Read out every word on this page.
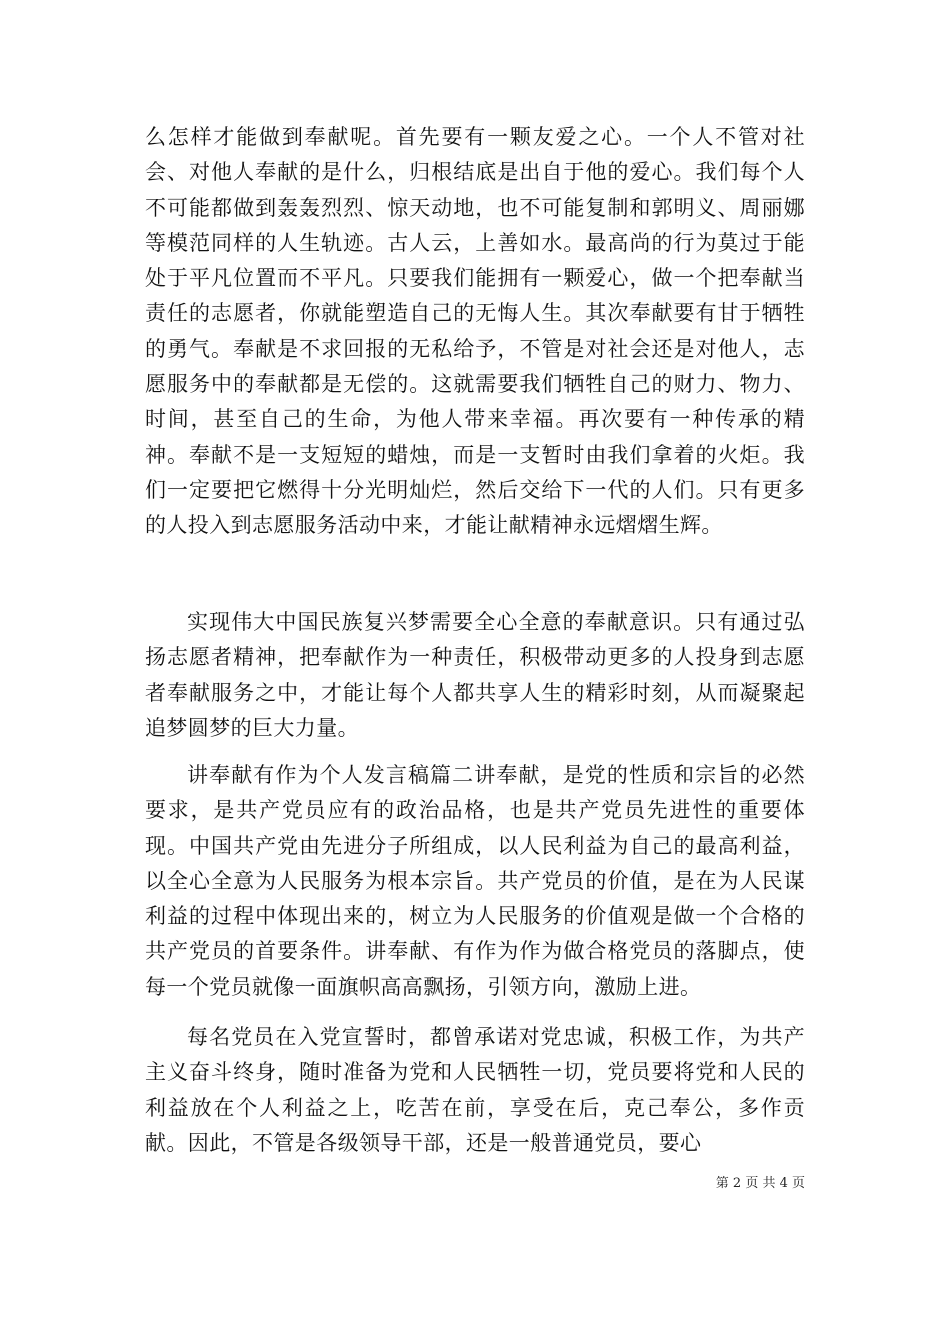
么怎样才能做到奉献呢。首先要有一颗友爱之心。一个人不管对社会、对他人奉献的是什么，归根结底是出自于他的爱心。我们每个人不可能都做到轰轰烈烈、惊天动地，也不可能复制和郭明义、周丽娜等模范同样的人生轨迹。古人云，上善如水。最高尚的行为莫过于能处于平凡位置而不平凡。只要我们能拥有一颗爱心，做一个把奉献当责任的志愿者，你就能塑造自己的无悔人生。其次奉献要有甘于牺牲的勇气。奉献是不求回报的无私给予，不管是对社会还是对他人，志愿服务中的奉献都是无偿的。这就需要我们牺牲自己的财力、物力、时间，甚至自己的生命，为他人带来幸福。再次要有一种传承的精神。奉献不是一支短短的蜡烛，而是一支暂时由我们拿着的火炬。我们一定要把它燃得十分光明灿烂，然后交给下一代的人们。只有更多的人投入到志愿服务活动中来，才能让献精神永远熠熠生辉。

实现伟大中国民族复兴梦需要全心全意的奉献意识。只有通过弘扬志愿者精神，把奉献作为一种责任，积极带动更多的人投身到志愿者奉献服务之中，才能让每个人都共享人生的精彩时刻，从而凝聚起追梦圆梦的巨大力量。

讲奉献有作为个人发言稿篇二讲奉献，是党的性质和宗旨的必然要求，是共产党员应有的政治品格，也是共产党员先进性的重要体现。中国共产党由先进分子所组成，以人民利益为自己的最高利益，以全心全意为人民服务为根本宗旨。共产党员的价值，是在为人民谋利益的过程中体现出来的，树立为人民服务的价值观是做一个合格的共产党员的首要条件。讲奉献、有作为作为做合格党员的落脚点，使每一个党员就像一面旗帜高高飘扬，引领方向，激励上进。

每名党员在入党宣誓时，都曾承诺对党忠诚，积极工作，为共产主义奋斗终身，随时准备为党和人民牺牲一切，党员要将党和人民的利益放在个人利益之上，吃苦在前，享受在后，克己奉公，多作贡献。因此，不管是各级领导干部，还是一般普通党员，要心

第 2 页 共 4 页
